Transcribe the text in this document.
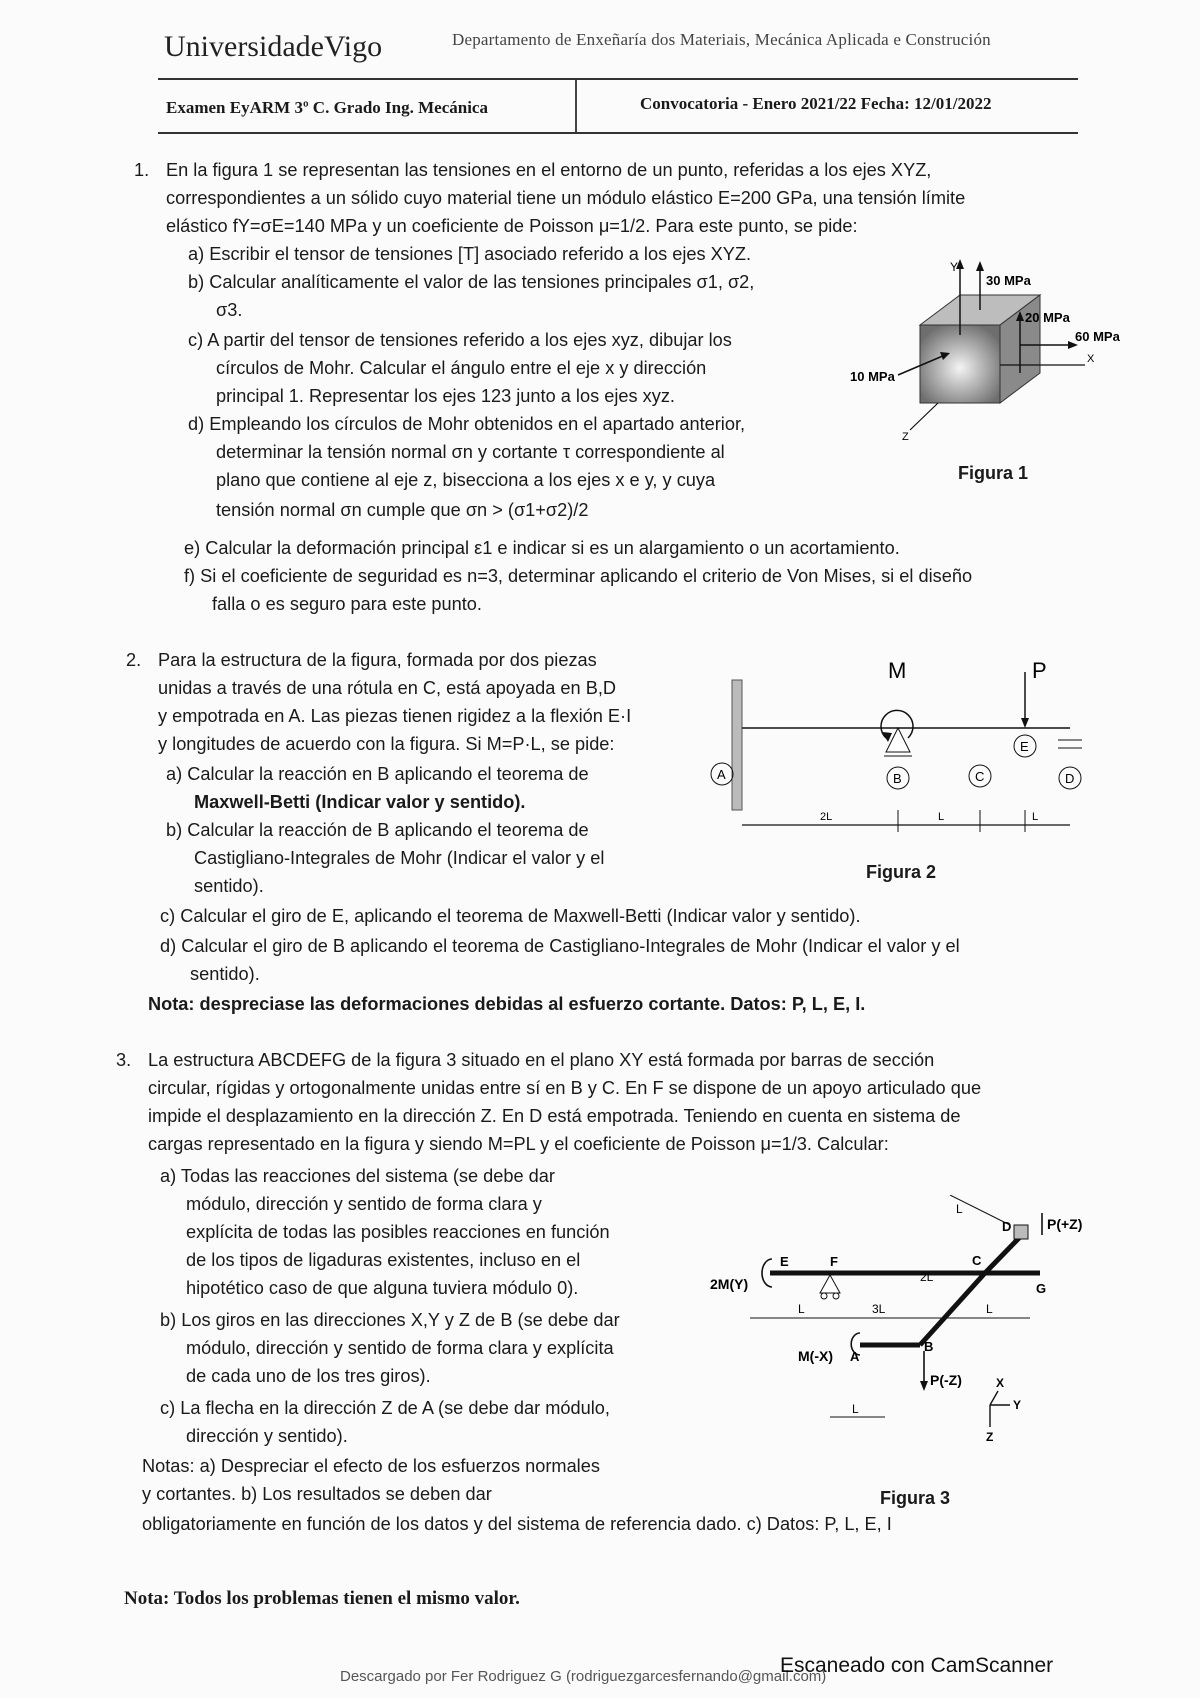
UniversidadeVigo	Departamento de Enxeñaría dos Materiais, Mecánica Aplicada e Construción
Examen EyARM 3º C. Grado Ing. Mecánica	Convocatoria - Enero 2021/22 Fecha: 12/01/2022
1. En la figura 1 se representan las tensiones en el entorno de un punto, referidas a los ejes XYZ,

correspondientes a un sólido cuyo material tiene un módulo elástico E=200 GPa, una tensión límite

elástico fY=σE=140 MPa y un coeficiente de Poisson μ=1/2. Para este punto, se pide:

a) Escribir el tensor de tensiones [T] asociado referido a los ejes XYZ.

b) Calcular analíticamente el valor de las tensiones principales σ1, σ2,

σ3.

c) A partir del tensor de tensiones referido a los ejes xyz, dibujar los

círculos de Mohr. Calcular el ángulo entre el eje x y dirección

principal 1. Representar los ejes 123 junto a los ejes xyz.

d) Empleando los círculos de Mohr obtenidos en el apartado anterior,

determinar la tensión normal σn y cortante τ correspondiente al

plano que contiene al eje z, bisecciona a los ejes x e y, y cuya

tensión normal σn cumple que σn > (σ1+σ2)/2

e) Calcular la deformación principal ε1 e indicar si es un alargamiento o un acortamiento.

f) Si el coeficiente de seguridad es n=3, determinar aplicando el criterio de Von Mises, si el diseño

falla o es seguro para este punto.

Y
30 MPa
20 MPa
60 MPa
X
10 MPa
Z
Figura 1
2. Para la estructura de la figura, formada por dos piezas

unidas a través de una rótula en C, está apoyada en B,D

y empotrada en A. Las piezas tienen rigidez a la flexión E·I

y longitudes de acuerdo con la figura. Si M=P·L, se pide:

a) Calcular la reacción en B aplicando el teorema de

Maxwell-Betti (Indicar valor y sentido).

b) Calcular la reacción de B aplicando el teorema de

Castigliano-Integrales de Mohr (Indicar el valor y el

sentido).

c) Calcular el giro de E, aplicando el teorema de Maxwell-Betti (Indicar valor y sentido).

d) Calcular el giro de B aplicando el teorema de Castigliano-Integrales de Mohr (Indicar el valor y el

sentido).

Nota: despreciase las deformaciones debidas al esfuerzo cortante. Datos: P, L, E, I.

M	P
A	B	C	D
E
2L	L	L
Figura 2
3. La estructura ABCDEFG de la figura 3 situado en el plano XY está formada por barras de sección

circular, rígidas y ortogonalmente unidas entre sí en B y C. En F se dispone de un apoyo articulado que

impide el desplazamiento en la dirección Z. En D está empotrada. Teniendo en cuenta en sistema de

cargas representado en la figura y siendo M=PL y el coeficiente de Poisson μ=1/3. Calcular:

a) Todas las reacciones del sistema (se debe dar

módulo, dirección y sentido de forma clara y

explícita de todas las posibles reacciones en función

de los tipos de ligaduras existentes, incluso en el

hipotético caso de que alguna tuviera módulo 0).

b) Los giros en las direcciones X,Y y Z de B (se debe dar

módulo, dirección y sentido de forma clara y explícita

de cada uno de los tres giros).

c) La flecha en la dirección Z de A (se debe dar módulo,

dirección y sentido).

Notas: a) Despreciar el efecto de los esfuerzos normales

y cortantes. b) Los resultados se deben dar

obligatoriamente en función de los datos y del sistema de referencia dado. c) Datos: P, L, E, I

E	F
G
C
D
A
B
2M(Y)
M(-X)
P(+Z)
P(-Z)
L	3L	L
L
2L
L
X
Y
Z
Figura 3
Nota: Todos los problemas tienen el mismo valor.
Descargado por Fer Rodriguez G (rodriguezgarcesfernando@gmail.com)
Escaneado con CamScanner
